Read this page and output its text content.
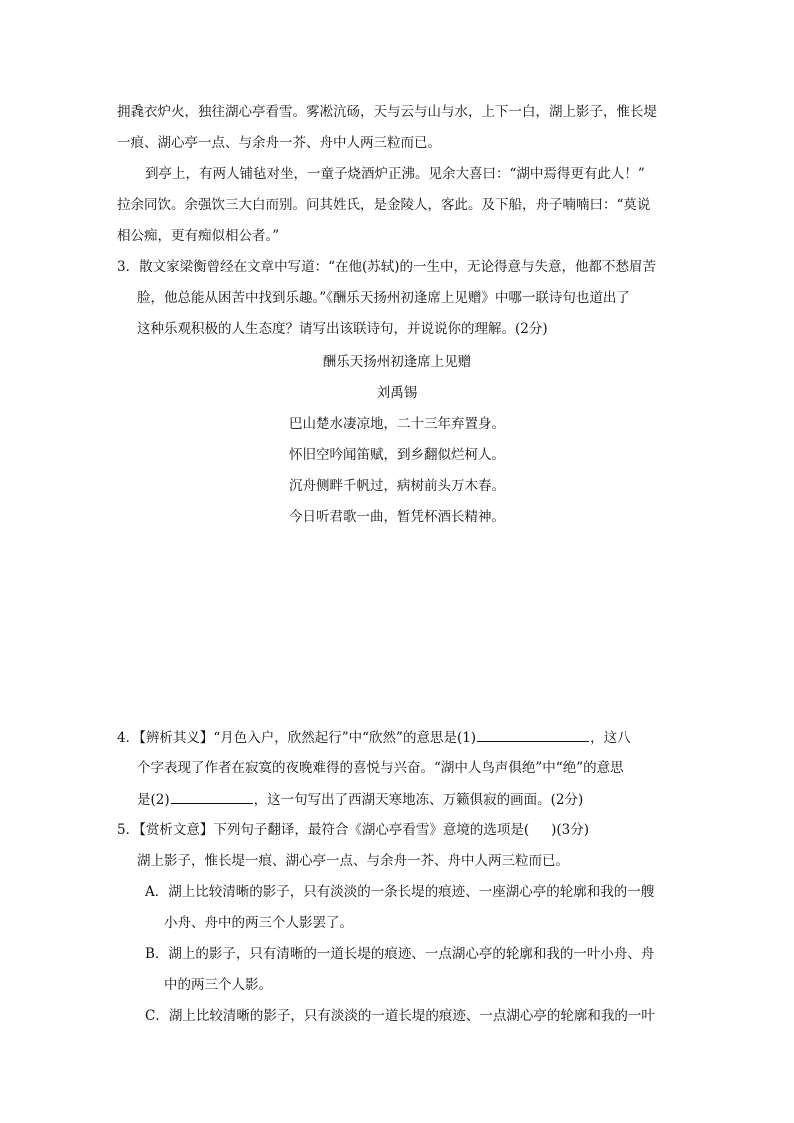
拥毳衣炉火，独往湖心亭看雪。雾凇沆砀，天与云与山与水，上下一白，湖上影子，惟长堤
一痕、湖心亭一点、与余舟一芥、舟中人两三粒而已。
到亭上，有两人铺毡对坐，一童子烧酒炉正沸。见余大喜曰：“湖中焉得更有此人！”
拉余同饮。余强饮三大白而别。问其姓氏，是金陵人，客此。及下船，舟子喃喃曰：“莫说
相公痴，更有痴似相公者。”
3．散文家梁衡曾经在文章中写道：“在他(苏轼)的一生中，无论得意与失意，他都不愁眉苦
脸，他总能从困苦中找到乐趣。”《酬乐天扬州初逢席上见赠》中哪一联诗句也道出了
这种乐观积极的人生态度？请写出该联诗句，并说说你的理解。(2分)
酬乐天扬州初逢席上见赠
刘禹锡
巴山楚水凄凉地，二十三年弃置身。
怀旧空吟闻笛赋，到乡翻似烂柯人。
沉舟侧畔千帆过，病树前头万木春。
今日听君歌一曲，暂凭杯酒长精神。
4．【辨析其义】“月色入户，欣然起行”中“欣然”的意思是(1)	，这八
个字表现了作者在寂寞的夜晚难得的喜悦与兴奋。“湖中人鸟声俱绝”中“绝”的意思
是(2)	，这一句写出了西湖天寒地冻、万籁俱寂的画面。(2分)
5．【赏析文意】下列句子翻译，最符合《湖心亭看雪》意境的选项是( )(3分)
湖上影子，惟长堤一痕、湖心亭一点、与余舟一芥、舟中人两三粒而已。
A．湖上比较清晰的影子，只有淡淡的一条长堤的痕迹、一座湖心亭的轮廓和我的一艘
小舟、舟中的两三个人影罢了。
B．湖上的影子，只有清晰的一道长堤的痕迹、一点湖心亭的轮廓和我的一叶小舟、舟
中的两三个人影。
C．湖上比较清晰的影子，只有淡淡的一道长堤的痕迹、一点湖心亭的轮廓和我的一叶
